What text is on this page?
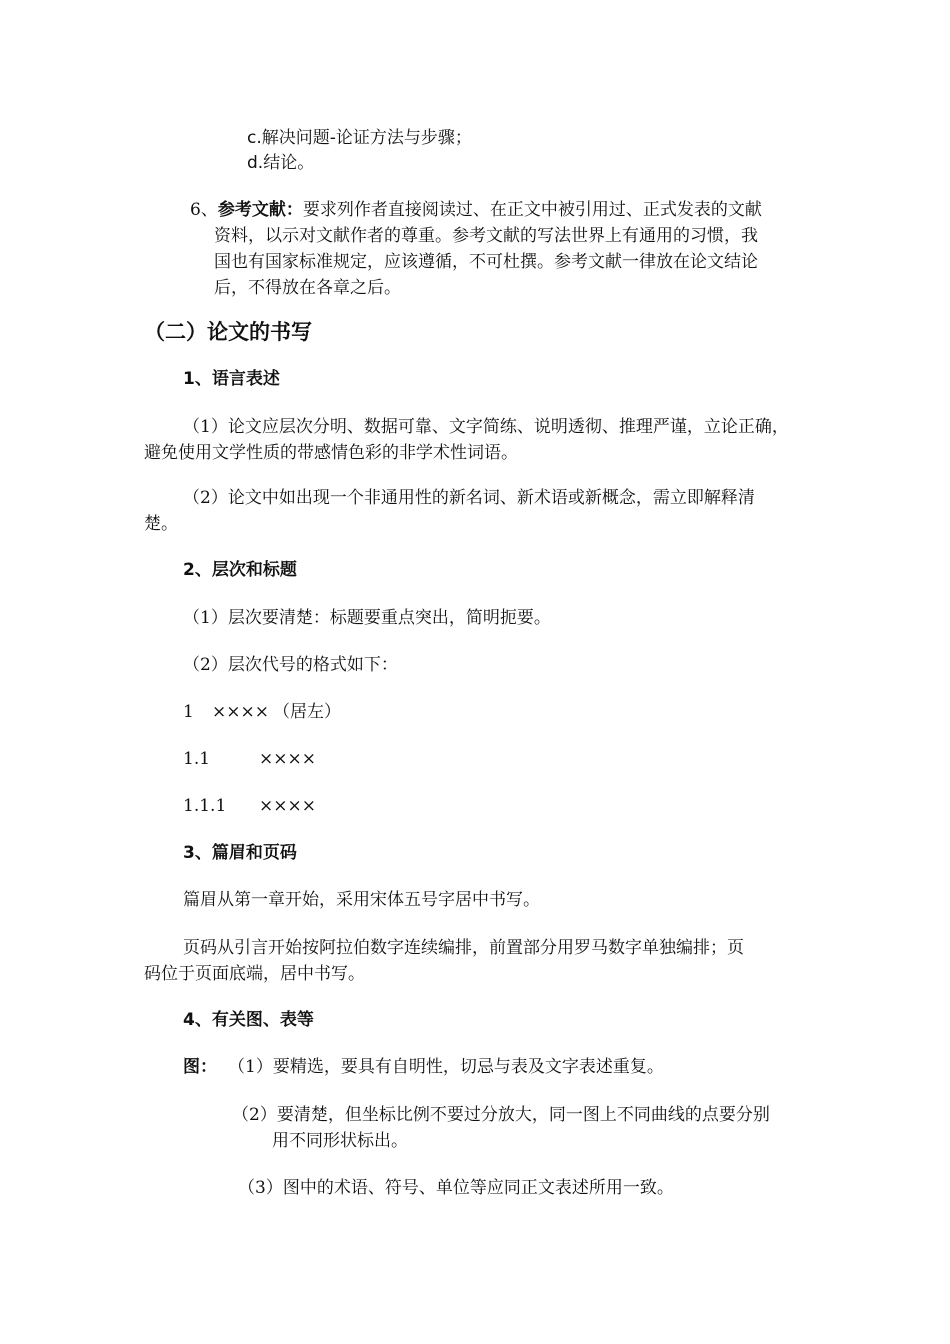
c.解决问题-论证方法与步骤；
d.结论。
6、参考文献：要求列作者直接阅读过、在正文中被引用过、正式发表的文献
资料，以示对文献作者的尊重。参考文献的写法世界上有通用的习惯，我
国也有国家标准规定，应该遵循，不可杜撰。参考文献一律放在论文结论
后，不得放在各章之后。
（二）论文的书写
1、语言表述
（1）论文应层次分明、数据可靠、文字简练、说明透彻、推理严谨，立论正确，
避免使用文学性质的带感情色彩的非学术性词语。
（2）论文中如出现一个非通用性的新名词、新术语或新概念，需立即解释清
楚。
2、层次和标题
（1）层次要清楚：标题要重点突出，简明扼要。
（2）层次代号的格式如下：
1 ×××× （居左）
1.1	××××
1.1.1 ××××
3、篇眉和页码
篇眉从第一章开始，采用宋体五号字居中书写。
页码从引言开始按阿拉伯数字连续编排，前置部分用罗马数字单独编排；页
码位于页面底端，居中书写。
4、有关图、表等
图： （1）要精选，要具有自明性，切忌与表及文字表述重复。
（2）要清楚，但坐标比例不要过分放大，同一图上不同曲线的点要分别
用不同形状标出。
（3）图中的术语、符号、单位等应同正文表述所用一致。
